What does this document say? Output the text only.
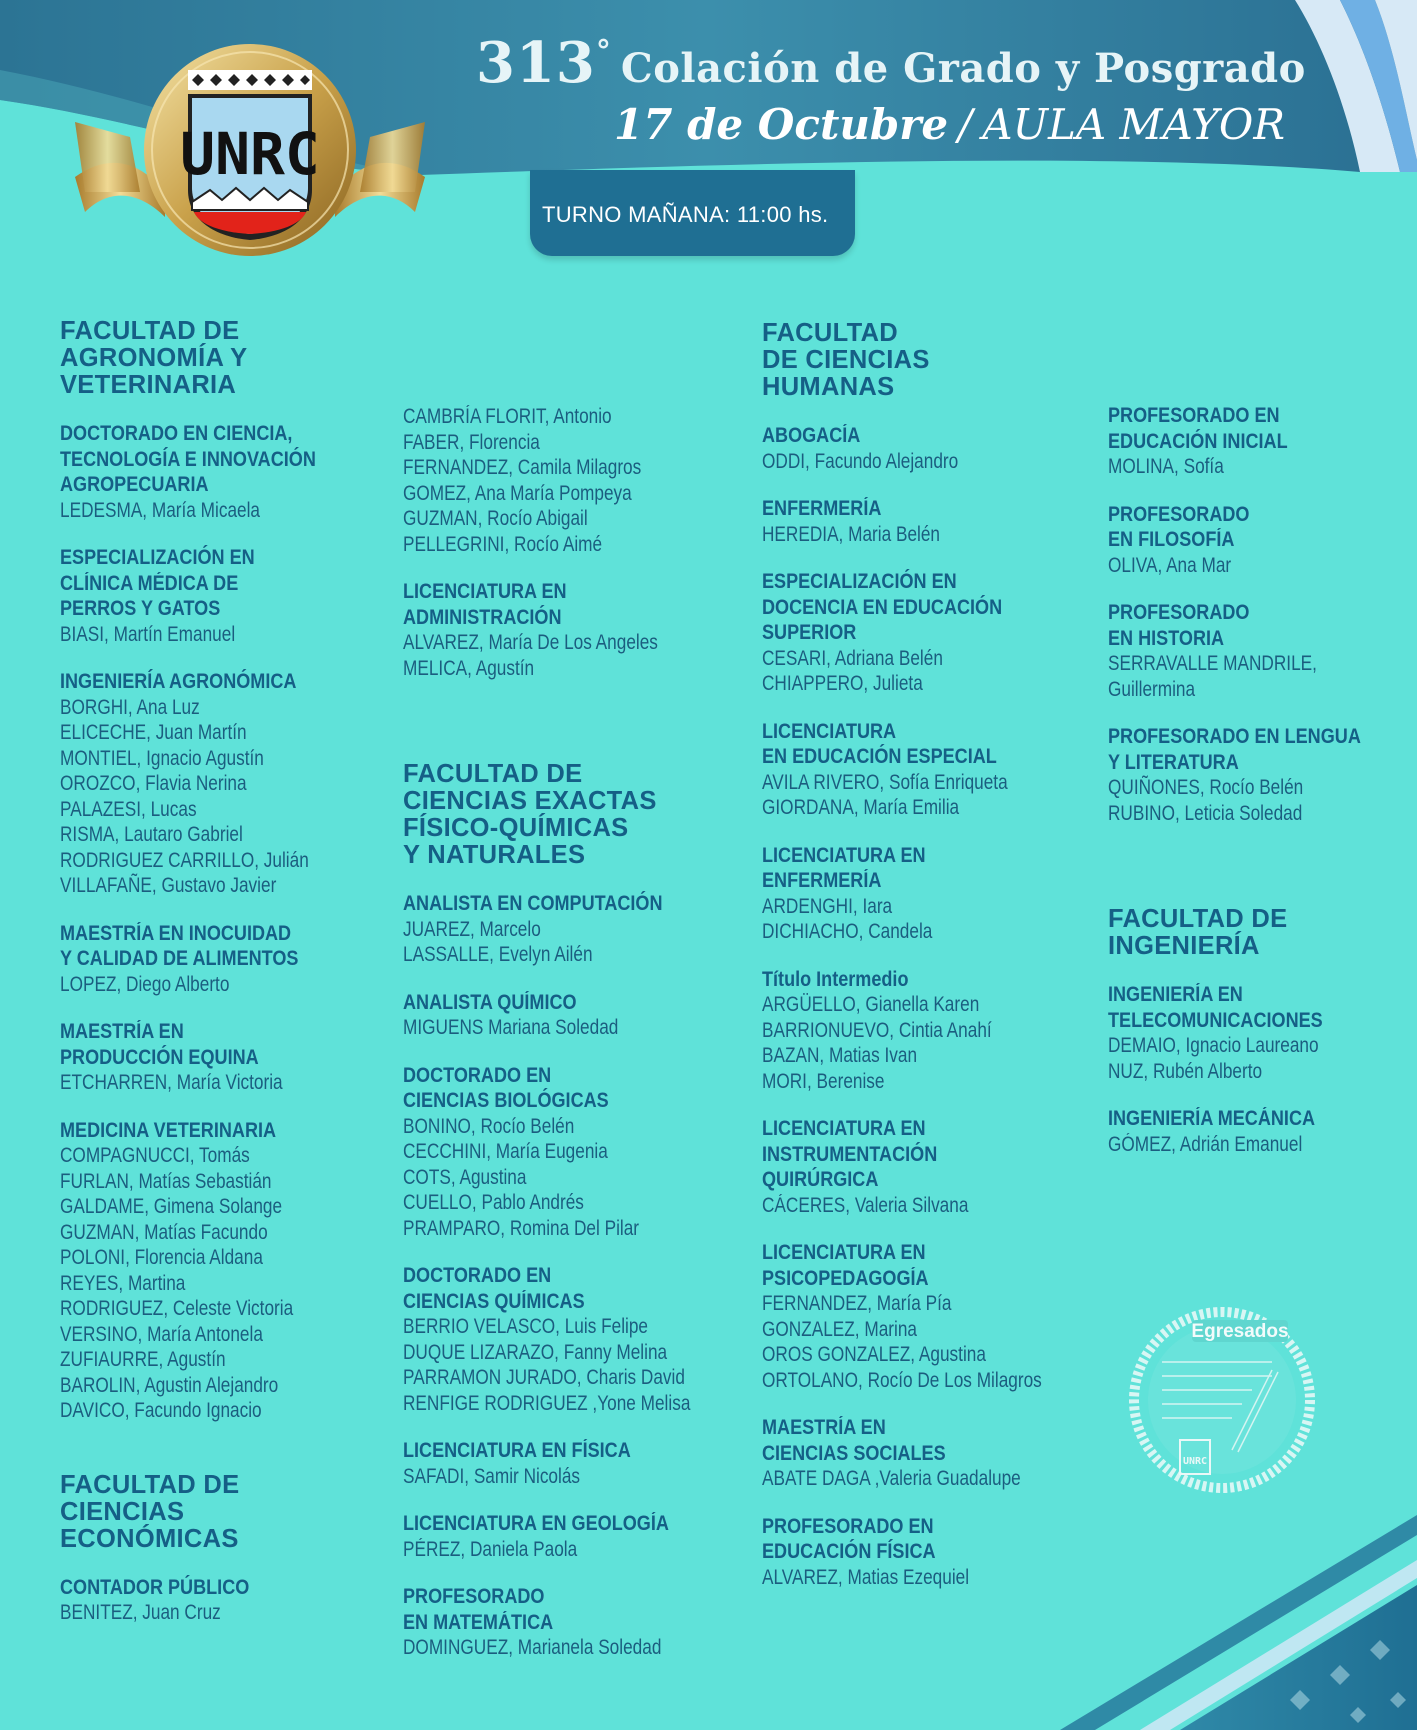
UNRC
313° Colación de Grado y Posgrado
17 de Octubre / AULA MAYOR
TURNO MAÑANA: 11:00 hs.
FACULTAD DE
AGRONOMÍA Y
VETERINARIA
DOCTORADO EN CIENCIA,
TECNOLOGÍA E INNOVACIÓN
AGROPECUARIA
LEDESMA, María Micaela
ESPECIALIZACIÓN EN
CLÍNICA MÉDICA DE
PERROS Y GATOS
BIASI, Martín Emanuel
INGENIERÍA AGRONÓMICA
BORGHI, Ana Luz
ELICECHE, Juan Martín
MONTIEL, Ignacio Agustín
OROZCO, Flavia Nerina
PALAZESI, Lucas
RISMA, Lautaro Gabriel
RODRIGUEZ CARRILLO, Julián
VILLAFAÑE, Gustavo Javier
MAESTRÍA EN INOCUIDAD
Y CALIDAD DE ALIMENTOS
LOPEZ, Diego Alberto
MAESTRÍA EN
PRODUCCIÓN EQUINA
ETCHARREN, María Victoria
MEDICINA VETERINARIA
COMPAGNUCCI, Tomás
FURLAN, Matías Sebastián
GALDAME, Gimena Solange
GUZMAN, Matías Facundo
POLONI, Florencia Aldana
REYES, Martina
RODRIGUEZ, Celeste Victoria
VERSINO, María Antonela
ZUFIAURRE, Agustín
BAROLIN, Agustin Alejandro
DAVICO, Facundo Ignacio
FACULTAD DE
CIENCIAS
ECONÓMICAS
CONTADOR PÚBLICO
BENITEZ, Juan Cruz
CAMBRÍA FLORIT, Antonio
FABER, Florencia
FERNANDEZ, Camila Milagros
GOMEZ, Ana María Pompeya
GUZMAN, Rocío Abigail
PELLEGRINI, Rocío Aimé
LICENCIATURA EN
ADMINISTRACIÓN
ALVAREZ, María De Los Angeles
MELICA, Agustín
FACULTAD DE
CIENCIAS EXACTAS
FÍSICO-QUÍMICAS
Y NATURALES
ANALISTA EN COMPUTACIÓN
JUAREZ, Marcelo
LASSALLE, Evelyn Ailén
ANALISTA QUÍMICO
MIGUENS Mariana Soledad
DOCTORADO EN
CIENCIAS BIOLÓGICAS
BONINO, Rocío Belén
CECCHINI, María Eugenia
COTS, Agustina
CUELLO, Pablo Andrés
PRAMPARO, Romina Del Pilar
DOCTORADO EN
CIENCIAS QUÍMICAS
BERRIO VELASCO, Luis Felipe
DUQUE LIZARAZO, Fanny Melina
PARRAMON JURADO, Charis David
RENFIGE RODRIGUEZ ,Yone Melisa
LICENCIATURA EN FÍSICA
SAFADI, Samir Nicolás
LICENCIATURA EN GEOLOGÍA
PÉREZ, Daniela Paola
PROFESORADO
EN MATEMÁTICA
DOMINGUEZ, Marianela Soledad
FACULTAD
DE CIENCIAS
HUMANAS
ABOGACÍA
ODDI, Facundo Alejandro
ENFERMERÍA
HEREDIA, Maria Belén
ESPECIALIZACIÓN EN
DOCENCIA EN EDUCACIÓN
SUPERIOR
CESARI, Adriana Belén
CHIAPPERO, Julieta
LICENCIATURA
EN EDUCACIÓN ESPECIAL
AVILA RIVERO, Sofía Enriqueta
GIORDANA, María Emilia
LICENCIATURA EN
ENFERMERÍA
ARDENGHI, Iara
DICHIACHO, Candela
Título Intermedio
ARGÜELLO, Gianella Karen
BARRIONUEVO, Cintia Anahí
BAZAN, Matias Ivan
MORI, Berenise
LICENCIATURA EN
INSTRUMENTACIÓN
QUIRÚRGICA
CÁCERES, Valeria Silvana
LICENCIATURA EN
PSICOPEDAGOGÍA
FERNANDEZ, María Pía
GONZALEZ, Marina
OROS GONZALEZ, Agustina
ORTOLANO, Rocío De Los Milagros
MAESTRÍA EN
CIENCIAS SOCIALES
ABATE DAGA ,Valeria Guadalupe
PROFESORADO EN
EDUCACIÓN FÍSICA
ALVAREZ, Matias Ezequiel
PROFESORADO EN
EDUCACIÓN INICIAL
MOLINA, Sofía
PROFESORADO
EN FILOSOFÍA
OLIVA, Ana Mar
PROFESORADO
EN HISTORIA
SERRAVALLE MANDRILE,
Guillermina
PROFESORADO EN LENGUA
Y LITERATURA
QUIÑONES, Rocío Belén
RUBINO, Leticia Soledad
FACULTAD DE
INGENIERÍA
INGENIERÍA EN
TELECOMUNICACIONES
DEMAIO, Ignacio Laureano
NUZ, Rubén Alberto
INGENIERÍA MECÁNICA
GÓMEZ, Adrián Emanuel
Egresados
UNRC
